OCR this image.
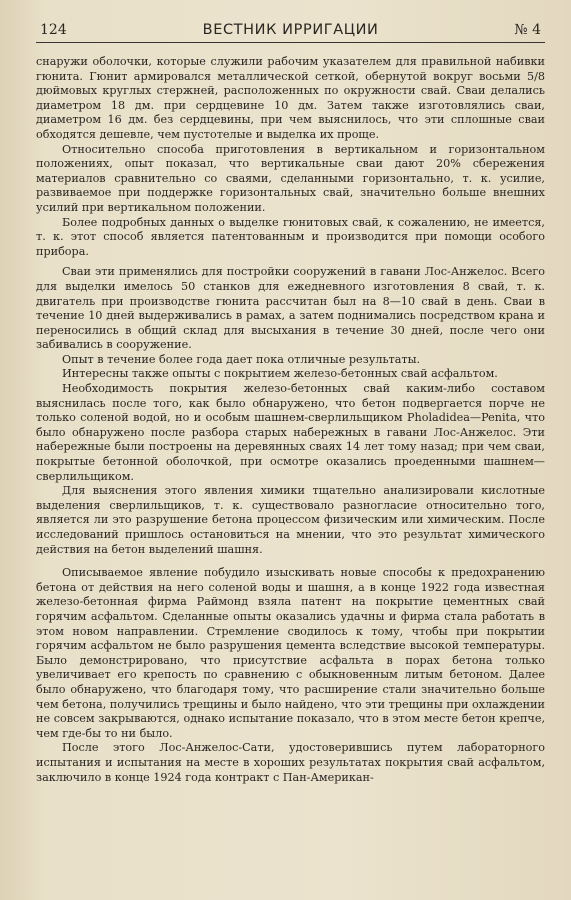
124	ВЕСТНИК ИРРИГАЦИИ	№ 4

снаружи оболочки, которые служили рабочим указателем для правильной набивки гюнита. Гюнит армировался металлической сеткой, обернутой вокруг восьми 5/8 дюймовых круглых стержней, расположенных по окружности свай. Сваи делались диаметром 18 дм. при сердцевине 10 дм. Затем также изготовлялись сваи, диаметром 16 дм. без сердцевины, при чем выяснилось, что эти сплошные сваи обходятся дешевле, чем пустотелые и выделка их проще.

Относительно способа приготовления в вертикальном и горизонтальном положениях, опыт показал, что вертикальные сваи дают 20% сбережения материалов сравнительно со сваями, сделанными горизонтально, т. к. усилие, развиваемое при поддержке горизонтальных свай, значительно больше внешних усилий при вертикальном положении.

Более подробных данных о выделке гюнитовых свай, к сожалению, не имеется, т. к. этот способ является патентованным и производится при помощи особого прибора.

Сваи эти применялись для постройки сооружений в гавани Лос-Анжелос. Всего для выделки имелось 50 станков для ежедневного изготовления 8 свай, т. к. двигатель при производстве гюнита рассчитан был на 8—10 свай в день. Сваи в течение 10 дней выдерживались в рамах, а затем поднимались посредством крана и переносились в общий склад для высыхания в течение 30 дней, после чего они забивались в сооружение.

Опыт в течение более года дает пока отличные результаты.

Интересны также опыты с покрытием железо-бетонных свай асфальтом.

Необходимость покрытия железо-бетонных свай каким-либо составом выяснилась после того, как было обнаружено, что бетон подвергается порче не только соленой водой, но и особым шашнем-сверлильщиком Pholadidea—Penita, что было обнаружено после разбора старых набережных в гавани Лос-Анжелос. Эти набережные были построены на деревянных сваях 14 лет тому назад; при чем сваи, покрытые бетонной оболочкой, при осмотре оказались проеденными шашнем—сверлильщиком.

Для выяснения этого явления химики тщательно анализировали кислотные выделения сверлильщиков, т. к. существовало разногласие относительно того, является ли это разрушение бетона процессом физическим или химическим. После исследований пришлось остановиться на мнении, что это результат химического действия на бетон выделений шашня.

Описываемое явление побудило изыскивать новые способы к предохранению бетона от действия на него соленой воды и шашня, а в конце 1922 года известная железо-бетонная фирма Раймонд взяла патент на покрытие цементных свай горячим асфальтом. Сделанные опыты оказались удачны и фирма стала работать в этом новом направлении. Стремление сводилось к тому, чтобы при покрытии горячим асфальтом не было разрушения цемента вследствие высокой температуры. Было демонстрировано, что присутствие асфальта в порах бетона только увеличивает его крепость по сравнению с обыкновенным литым бетоном. Далее было обнаружено, что благодаря тому, что расширение стали значительно больше чем бетона, получились трещины и было найдено, что эти трещины при охлаждении не совсем закрываются, однако испытание показало, что в этом месте бетон крепче, чем где-бы то ни было.

После этого Лос-Анжелос-Сати, удостоверившись путем лабораторного испытания и испытания на месте в хороших результатах покрытия свай асфальтом, заключило в конце 1924 года контракт с Пан-Американ-
